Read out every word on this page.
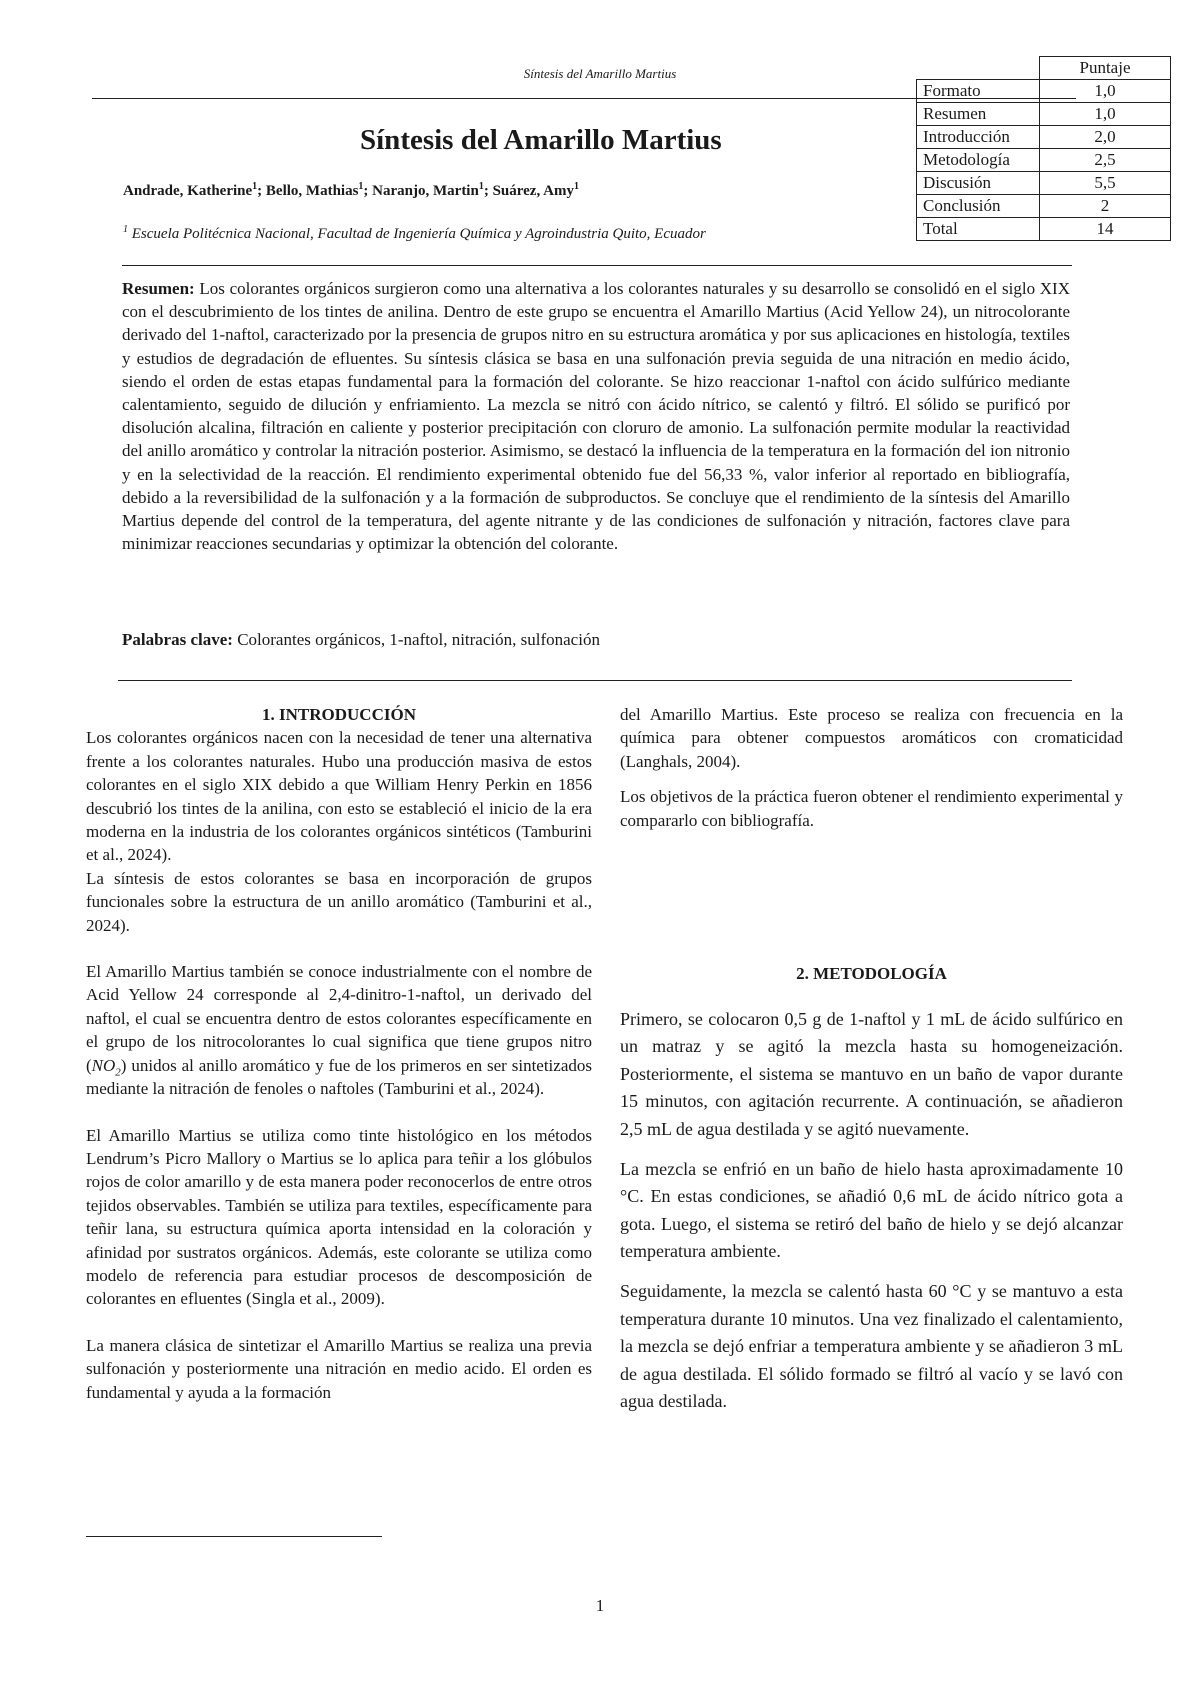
Síntesis del Amarillo Martius
		Puntaje
Formato	1,0
Resumen	1,0
Introducción	2,0
Metodología	2,5
Discusión	5,5
Conclusión	2
Total	14
Síntesis del Amarillo Martius
Andrade, Katherine$^1$; Bello, Mathias$^1$; Naranjo, Martin$^1$; Suárez, Amy$^1$
$^1$ Escuela Politécnica Nacional, Facultad de Ingeniería Química y Agroindustria Quito, Ecuador
Resumen: Los colorantes orgánicos surgieron como una alternativa a los colorantes naturales y su desarrollo se consolidó en el siglo XIX con el descubrimiento de los tintes de anilina. Dentro de este grupo se encuentra el Amarillo Martius (Acid Yellow 24), un nitrocolorante derivado del 1-naftol, caracterizado por la presencia de grupos nitro en su estructura aromática y por sus aplicaciones en histología, textiles y estudios de degradación de efluentes. Su síntesis clásica se basa en una sulfonación previa seguida de una nitración en medio ácido, siendo el orden de estas etapas fundamental para la formación del colorante. Se hizo reaccionar 1-naftol con ácido sulfúrico mediante calentamiento, seguido de dilución y enfriamiento. La mezcla se nitró con ácido nítrico, se calentó y filtró. El sólido se purificó por disolución alcalina, filtración en caliente y posterior precipitación con cloruro de amonio. La sulfonación permite modular la reactividad del anillo aromático y controlar la nitración posterior. Asimismo, se destacó la influencia de la temperatura en la formación del ion nitronio y en la selectividad de la reacción. El rendimiento experimental obtenido fue del 56,33 %, valor inferior al reportado en bibliografía, debido a la reversibilidad de la sulfonación y a la formación de subproductos. Se concluye que el rendimiento de la síntesis del Amarillo Martius depende del control de la temperatura, del agente nitrante y de las condiciones de sulfonación y nitración, factores clave para minimizar reacciones secundarias y optimizar la obtención del colorante.
Palabras clave: Colorantes orgánicos, 1-naftol, nitración, sulfonación

1. INTRODUCCIÓN

Los colorantes orgánicos nacen con la necesidad de tener una alternativa frente a los colorantes naturales. Hubo una producción masiva de estos colorantes en el siglo XIX debido a que William Henry Perkin en 1856 descubrió los tintes de la anilina, con esto se estableció el inicio de la era moderna en la industria de los colorantes orgánicos sintéticos (Tamburini et al., 2024).

La síntesis de estos colorantes se basa en incorporación de grupos funcionales sobre la estructura de un anillo aromático (Tamburini et al., 2024).

El Amarillo Martius también se conoce industrialmente con el nombre de Acid Yellow 24 corresponde al 2,4-dinitro-1-naftol, un derivado del naftol, el cual se encuentra dentro de estos colorantes específicamente en el grupo de los nitrocolorantes lo cual significa que tiene grupos nitro $(NO_2)$ unidos al anillo aromático y fue de los primeros en ser sintetizados mediante la nitración de fenoles o naftoles (Tamburini et al., 2024).

El Amarillo Martius se utiliza como tinte histológico en los métodos Lendrum’s Picro Mallory o Martius se lo aplica para teñir a los glóbulos rojos de color amarillo y de esta manera poder reconocerlos de entre otros tejidos observables. También se utiliza para textiles, específicamente para teñir lana, su estructura química aporta intensidad en la coloración y afinidad por sustratos orgánicos. Además, este colorante se utiliza como modelo de referencia para estudiar procesos de descomposición de colorantes en efluentes (Singla et al., 2009).

La manera clásica de sintetizar el Amarillo Martius se realiza una previa sulfonación y posteriormente una nitración en medio acido. El orden es fundamental y ayuda a la formación

del Amarillo Martius. Este proceso se realiza con frecuencia en la química para obtener compuestos aromáticos con cromaticidad (Langhals, 2004).

Los objetivos de la práctica fueron obtener el rendimiento experimental y compararlo con bibliografía.

2. METODOLOGÍA

Primero, se colocaron 0,5 g de 1-naftol y 1 mL de ácido sulfúrico en un matraz y se agitó la mezcla hasta su homogeneización. Posteriormente, el sistema se mantuvo en un baño de vapor durante 15 minutos, con agitación recurrente. A continuación, se añadieron 2,5 mL de agua destilada y se agitó nuevamente.

La mezcla se enfrió en un baño de hielo hasta aproximadamente 10 °C. En estas condiciones, se añadió 0,6 mL de ácido nítrico gota a gota. Luego, el sistema se retiró del baño de hielo y se dejó alcanzar temperatura ambiente.

Seguidamente, la mezcla se calentó hasta 60 °C y se mantuvo a esta temperatura durante 10 minutos. Una vez finalizado el calentamiento, la mezcla se dejó enfriar a temperatura ambiente y se añadieron 3 mL de agua destilada. El sólido formado se filtró al vacío y se lavó con agua destilada.

1
